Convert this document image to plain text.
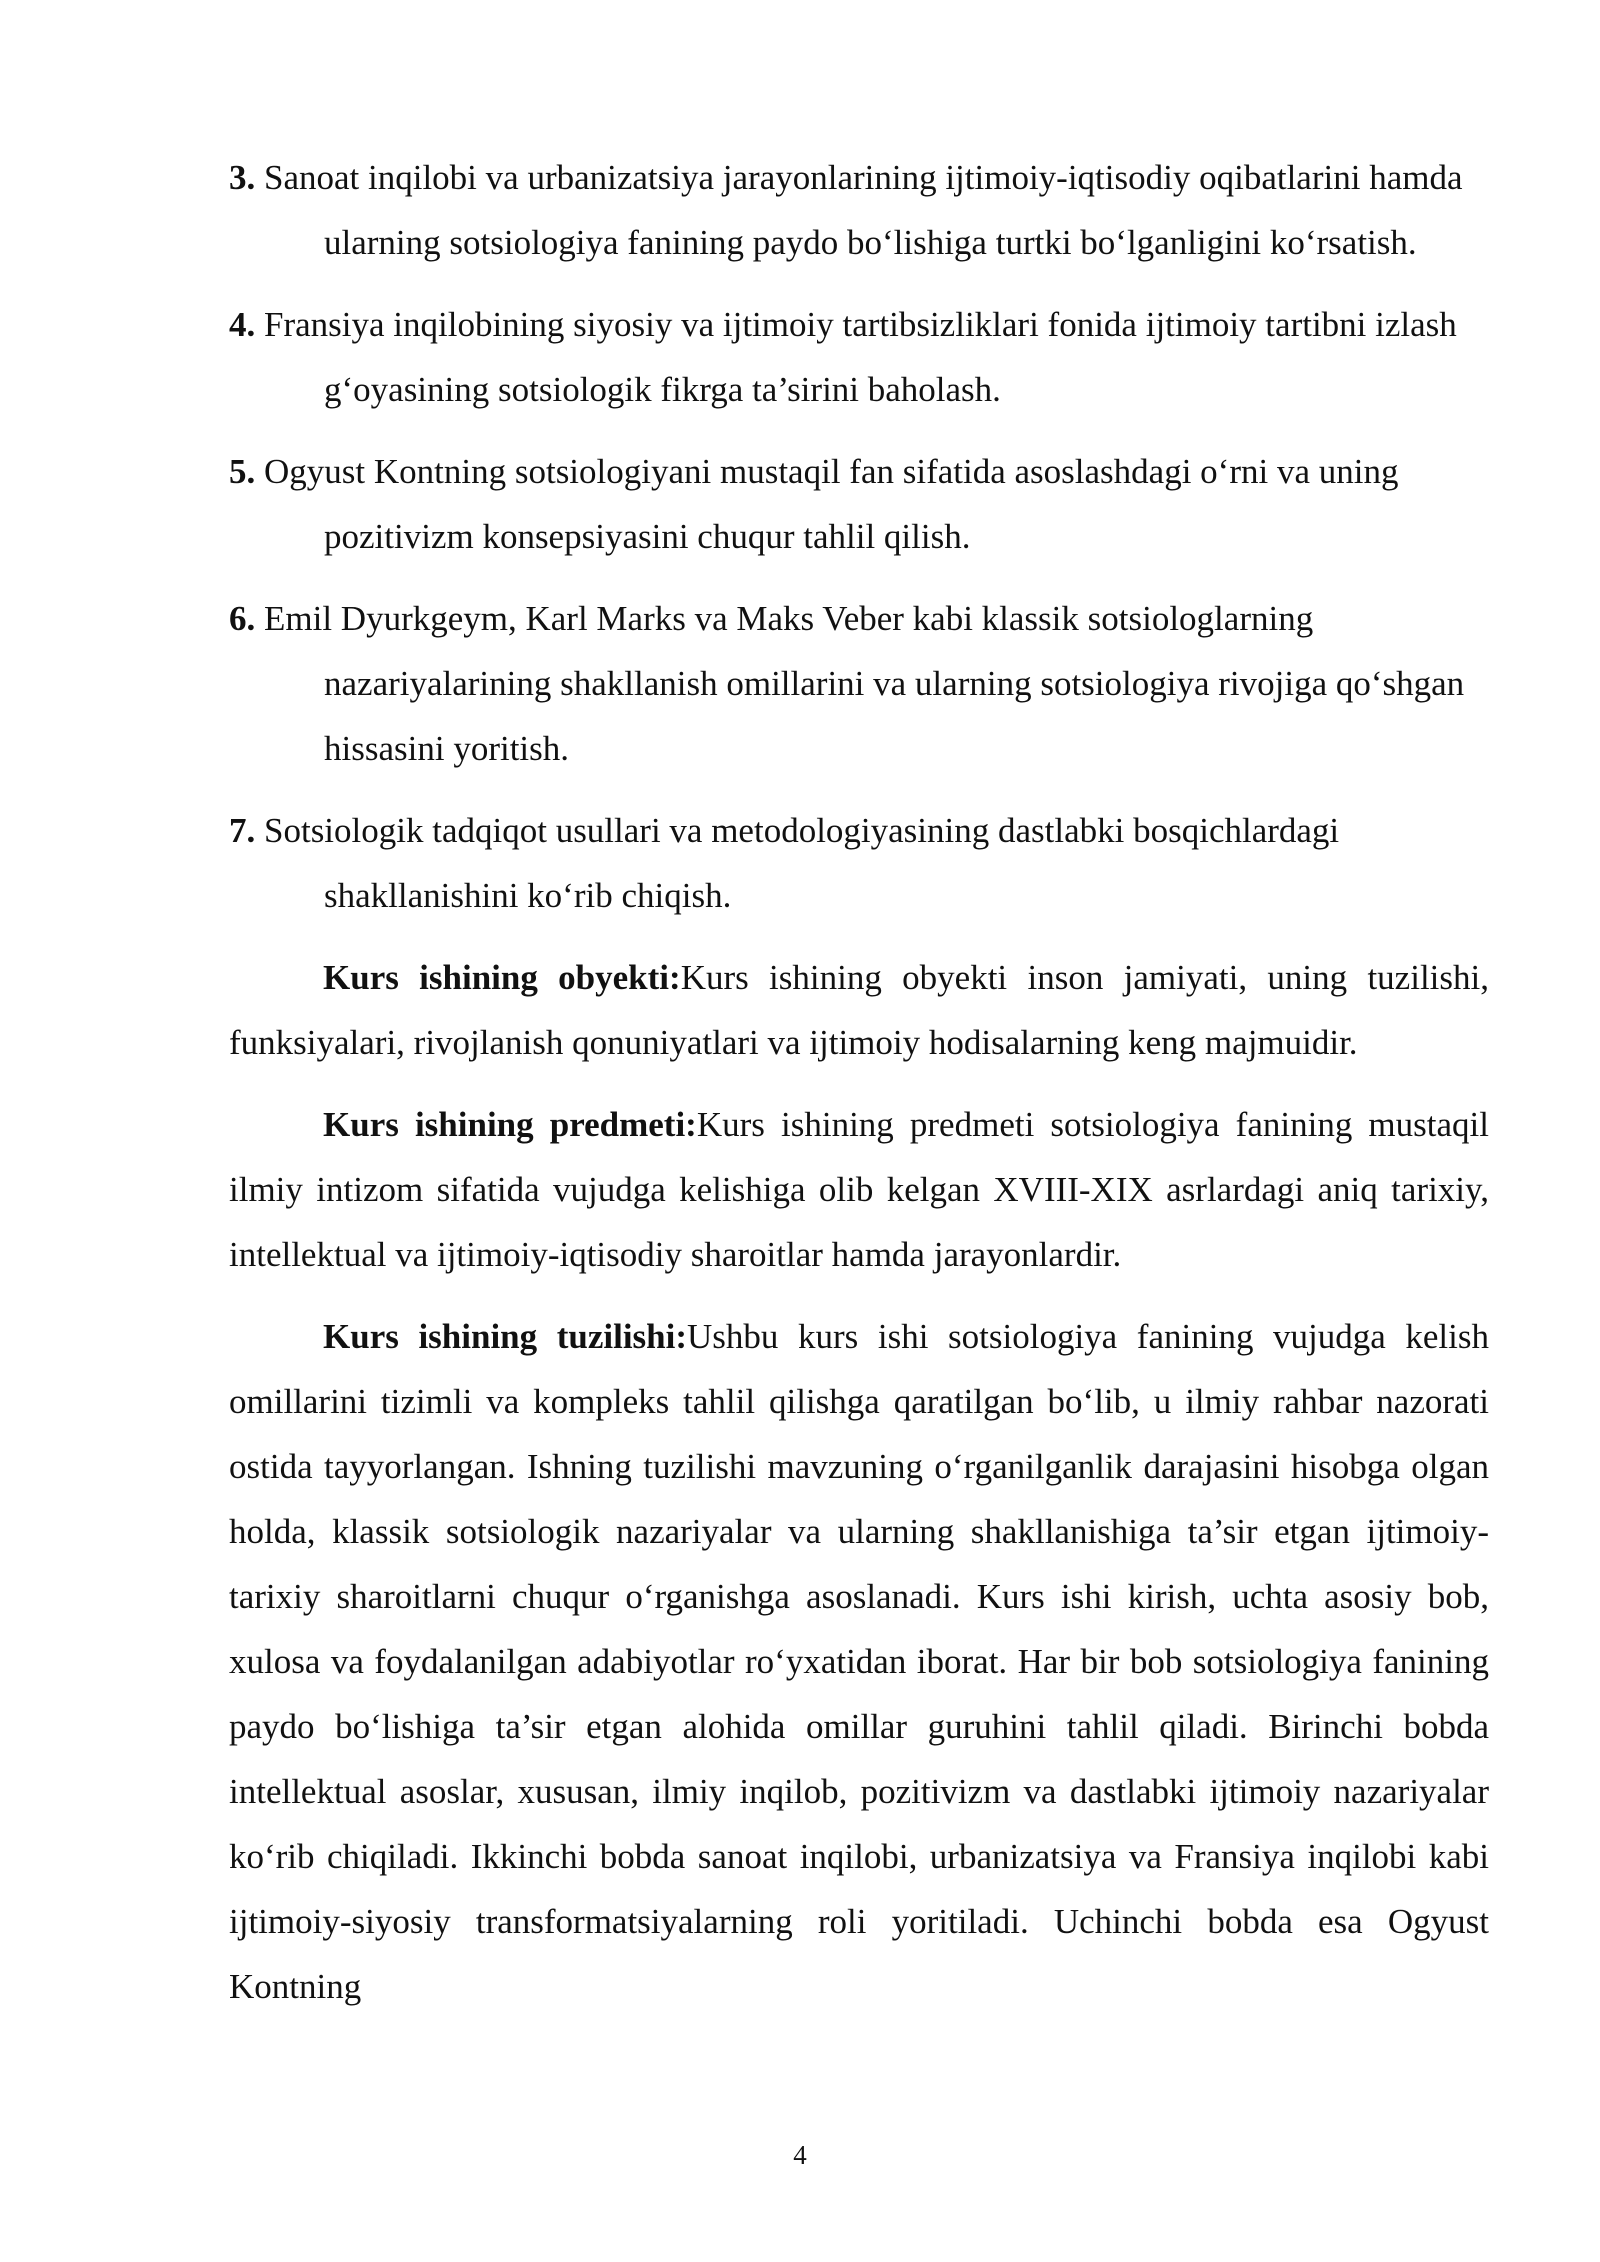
3. Sanoat inqilobi va urbanizatsiya jarayonlarining ijtimoiy-iqtisodiy oqibatlarini hamda ularning sotsiologiya fanining paydo bo‘lishiga turtki bo‘lganligini ko‘rsatish.
4. Fransiya inqilobining siyosiy va ijtimoiy tartibsizliklari fonida ijtimoiy tartibni izlash g‘oyasining sotsiologik fikrga ta’sirini baholash.
5. Ogyust Kontning sotsiologiyani mustaqil fan sifatida asoslashdagi o‘rni va uning pozitivizm konsepsiyasini chuqur tahlil qilish.
6. Emil Dyurkgeym, Karl Marks va Maks Veber kabi klassik sotsiologlarning nazariyalarining shakllanish omillarini va ularning sotsiologiya rivojiga qo‘shgan hissasini yoritish.
7. Sotsiologik tadqiqot usullari va metodologiyasining dastlabki bosqichlardagi shakllanishini ko‘rib chiqish.

Kurs ishining obyekti:Kurs ishining obyekti inson jamiyati, uning tuzilishi, funksiyalari, rivojlanish qonuniyatlari va ijtimoiy hodisalarning keng majmuidir.

Kurs ishining predmeti:Kurs ishining predmeti sotsiologiya fanining mustaqil ilmiy intizom sifatida vujudga kelishiga olib kelgan XVIII-XIX asrlardagi aniq tarixiy, intellektual va ijtimoiy-iqtisodiy sharoitlar hamda jarayonlardir.

Kurs ishining tuzilishi:Ushbu kurs ishi sotsiologiya fanining vujudga kelish omillarini tizimli va kompleks tahlil qilishga qaratilgan bo‘lib, u ilmiy rahbar nazorati ostida tayyorlangan. Ishning tuzilishi mavzuning o‘rganilganlik darajasini hisobga olgan holda, klassik sotsiologik nazariyalar va ularning shakllanishiga ta’sir etgan ijtimoiy-tarixiy sharoitlarni chuqur o‘rganishga asoslanadi. Kurs ishi kirish, uchta asosiy bob, xulosa va foydalanilgan adabiyotlar ro‘yxatidan iborat. Har bir bob sotsiologiya fanining paydo bo‘lishiga ta’sir etgan alohida omillar guruhini tahlil qiladi. Birinchi bobda intellektual asoslar, xususan, ilmiy inqilob, pozitivizm va dastlabki ijtimoiy nazariyalar ko‘rib chiqiladi. Ikkinchi bobda sanoat inqilobi, urbanizatsiya va Fransiya inqilobi kabi ijtimoiy-siyosiy transformatsiyalarning roli yoritiladi. Uchinchi bobda esa Ogyust Kontning

4
